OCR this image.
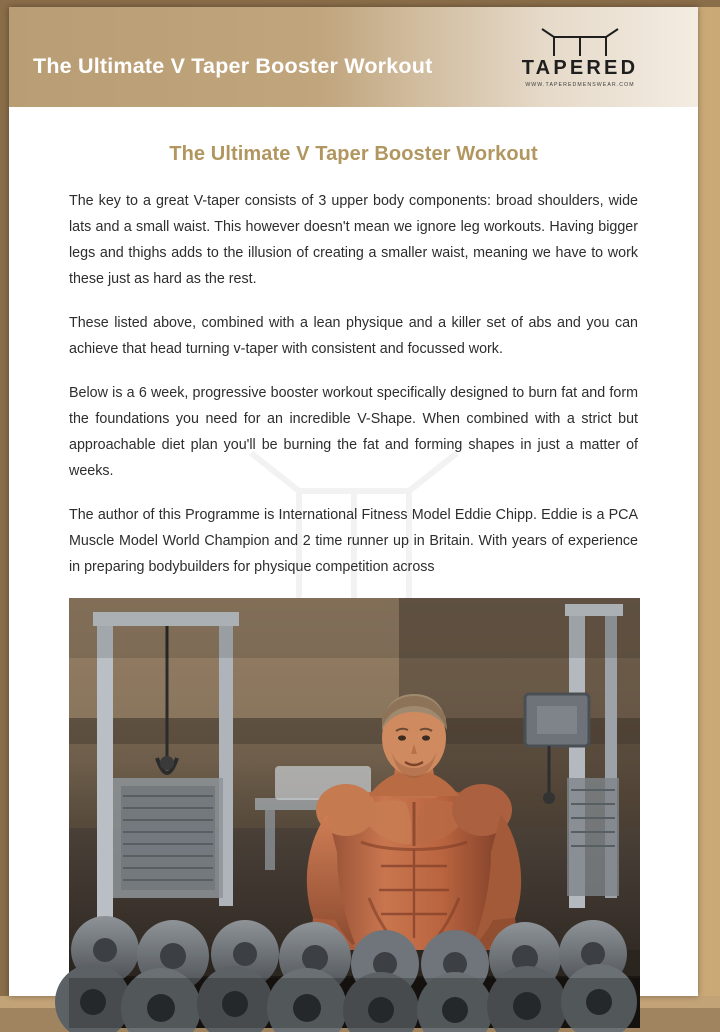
The Ultimate V Taper Booster Workout	TAPERED
WWW.TAPEREDMENSWEAR.COM
The Ultimate V Taper Booster Workout

The key to a great V-taper consists of 3 upper body components: broad shoulders, wide lats and a small waist. This however doesn't mean we ignore leg workouts. Having bigger legs and thighs adds to the illusion of creating a smaller waist, meaning we have to work these just as hard as the rest.

These listed above, combined with a lean physique and a killer set of abs and you can achieve that head turning v-taper with consistent and focussed work.

Below is a 6 week, progressive booster workout specifically designed to burn fat and form the foundations you need for an incredible V-Shape. When combined with a strict but approachable diet plan you'll be burning the fat and forming shapes in just a matter of weeks.

The author of this Programme is International Fitness Model Eddie Chipp. Eddie is a PCA Muscle Model World Champion and 2 time runner up in Britain. With years of experience in preparing bodybuilders for physique competition across
